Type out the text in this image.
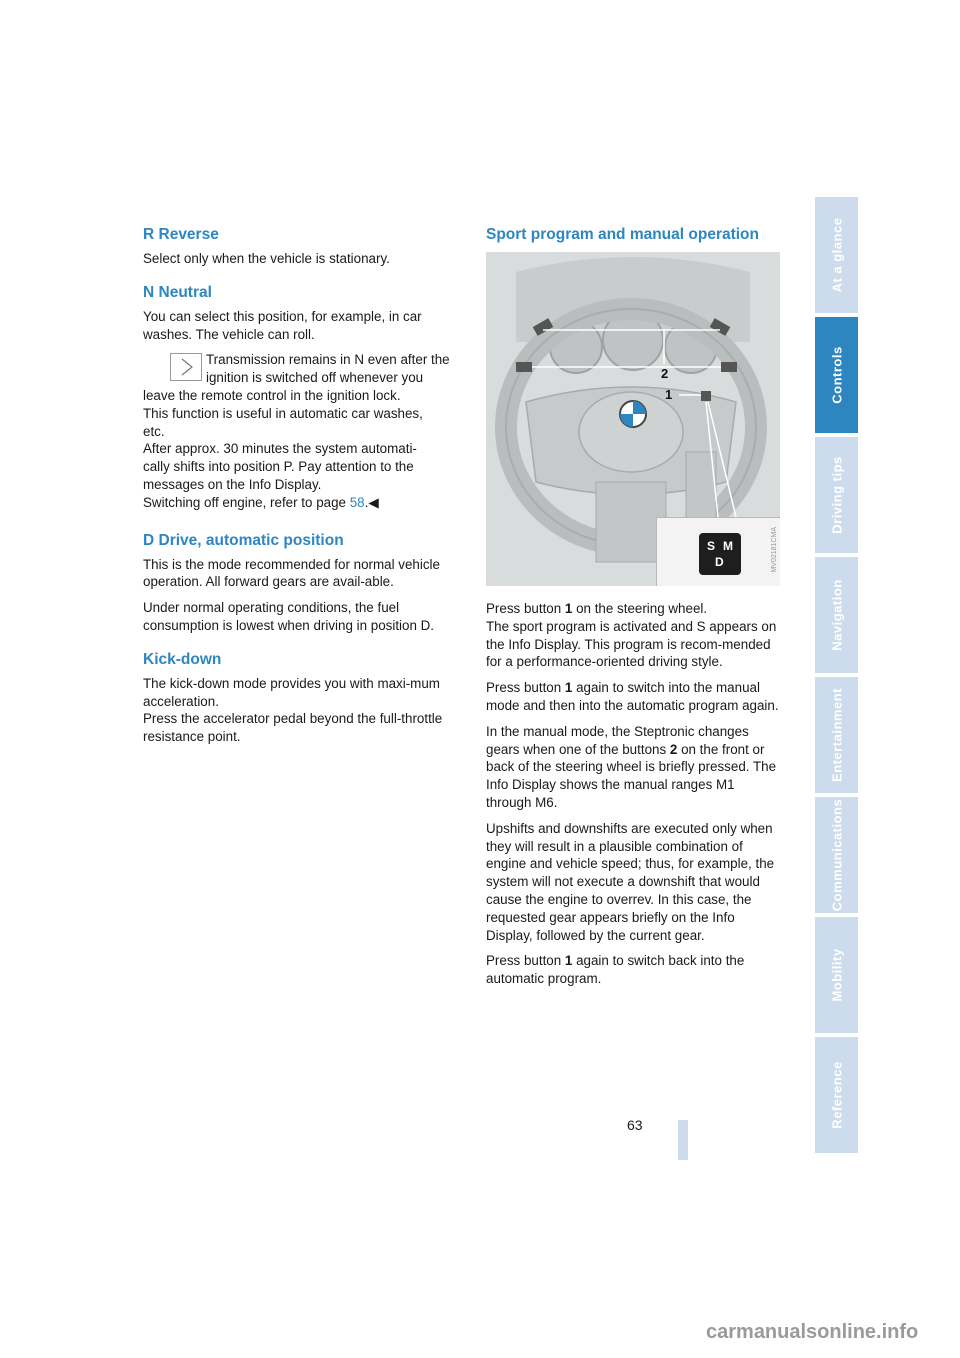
R Reverse

Select only when the vehicle is stationary.

N Neutral

You can select this position, for example, in car washes. The vehicle can roll.

Transmission remains in N even after the
ignition is switched off whenever you
leave the remote control in the ignition lock.
This function is useful in automatic car washes,
etc.
After approx. 30 minutes the system automati-
cally shifts into position P. Pay attention to the
messages on the Info Display.
Switching off engine, refer to page 58.◀

D Drive, automatic position

This is the mode recommended for normal vehicle operation. All forward gears are avail-able.

Under normal operating conditions, the fuel consumption is lowest when driving in position D.

Kick-down

The kick-down mode provides you with maxi-mum acceleration.
Press the accelerator pedal beyond the full-throttle resistance point.

Sport program and manual operation
2
1
S M
D	MV02181CMA

Press button 1 on the steering wheel.
The sport program is activated and S appears on the Info Display. This program is recom-mended for a performance-oriented driving style.

Press button 1 again to switch into the manual mode and then into the automatic program again.

In the manual mode, the Steptronic changes gears when one of the buttons 2 on the front or back of the steering wheel is briefly pressed. The Info Display shows the manual ranges M1 through M6.

Upshifts and downshifts are executed only when they will result in a plausible combination of engine and vehicle speed; thus, for example, the system will not execute a downshift that would cause the engine to overrev. In this case, the requested gear appears briefly on the Info Display, followed by the current gear.

Press button 1 again to switch back into the automatic program.

At a glance
Controls
Driving tips
Navigation
Entertainment
Communications
Mobility
Reference
63
carmanualsonline.info
